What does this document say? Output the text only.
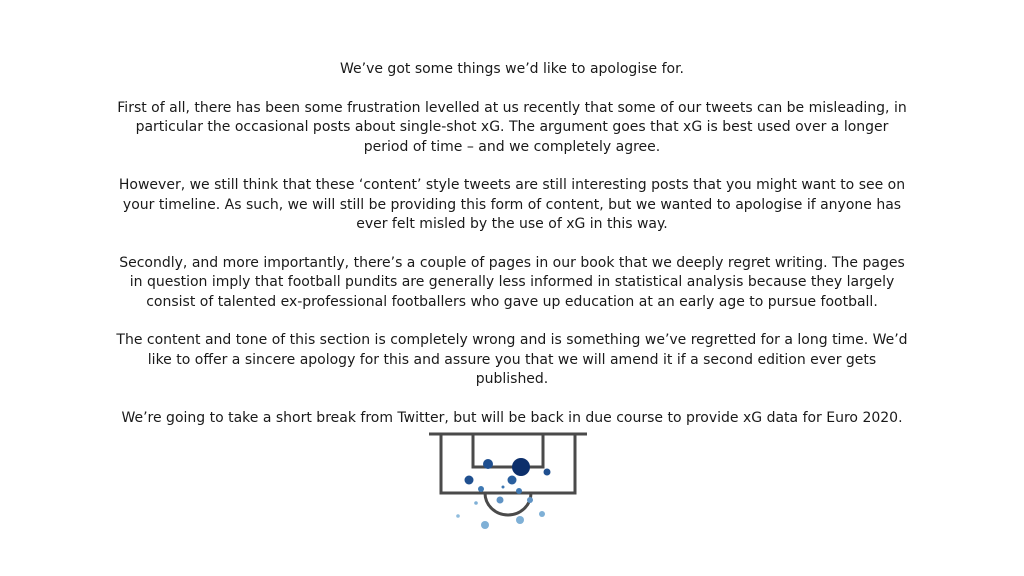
We’ve got some things we’d like to apologise for.

First of all, there has been some frustration levelled at us recently that some of our tweets can be misleading, in particular the occasional posts about single-shot xG. The argument goes that xG is best used over a longer period of time – and we completely agree.

However, we still think that these ‘content’ style tweets are still interesting posts that you might want to see on your timeline. As such, we will still be providing this form of content, but we wanted to apologise if anyone has ever felt misled by the use of xG in this way.

Secondly, and more importantly, there’s a couple of pages in our book that we deeply regret writing. The pages in question imply that football pundits are generally less informed in statistical analysis because they largely consist of talented ex-professional footballers who gave up education at an early age to pursue football.

The content and tone of this section is completely wrong and is something we’ve regretted for a long time. We’d like to offer a sincere apology for this and assure you that we will amend it if a second edition ever gets published.

We’re going to take a short break from Twitter, but will be back in due course to provide xG data for Euro 2020.
